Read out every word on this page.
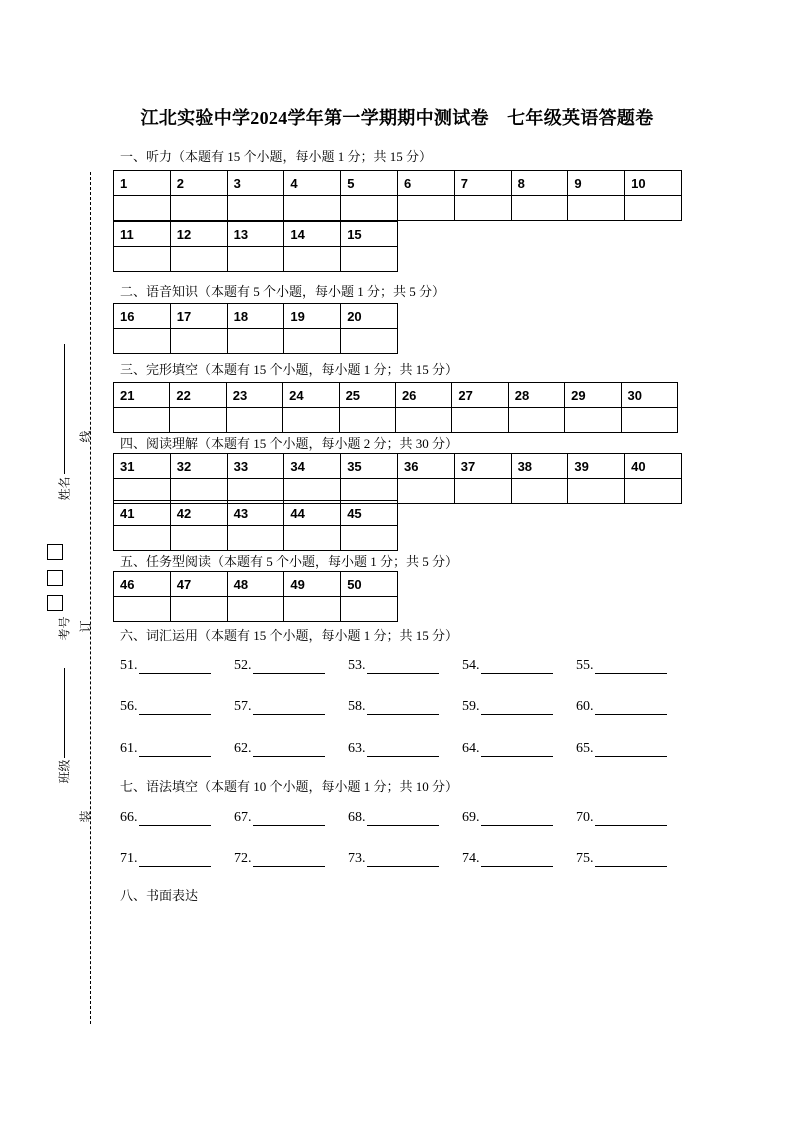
江北实验中学2024学年第一学期期中测试卷　七年级英语答题卷
姓名
考号
班级
线
订
装
一、听力（本题有 15 个小题，每小题 1 分；共 15 分）
1	2	3	4	5	6	7	8	9	10

11	12	13	14	15

二、语音知识（本题有 5 个小题，每小题 1 分；共 5 分）
16	17	18	19	20

三、完形填空（本题有 15 个小题，每小题 1 分；共 15 分）
21	22	23	24	25	26	27	28	29	30

四、阅读理解（本题有 15 个小题，每小题 2 分；共 30 分）
31	32	33	34	35	36	37	38	39	40

41	42	43	44	45

五、任务型阅读（本题有 5 个小题，每小题 1 分；共 5 分）
46	47	48	49	50

六、词汇运用（本题有 15 个小题，每小题 1 分；共 15 分）
51.	52.	53.	54.	55.
56.	57.	58.	59.	60.
61.	62.	63.	64.	65.
七、语法填空（本题有 10 个小题，每小题 1 分；共 10 分）
66.	67.	68.	69.	70.
71.	72.	73.	74.	75.
八、书面表达
